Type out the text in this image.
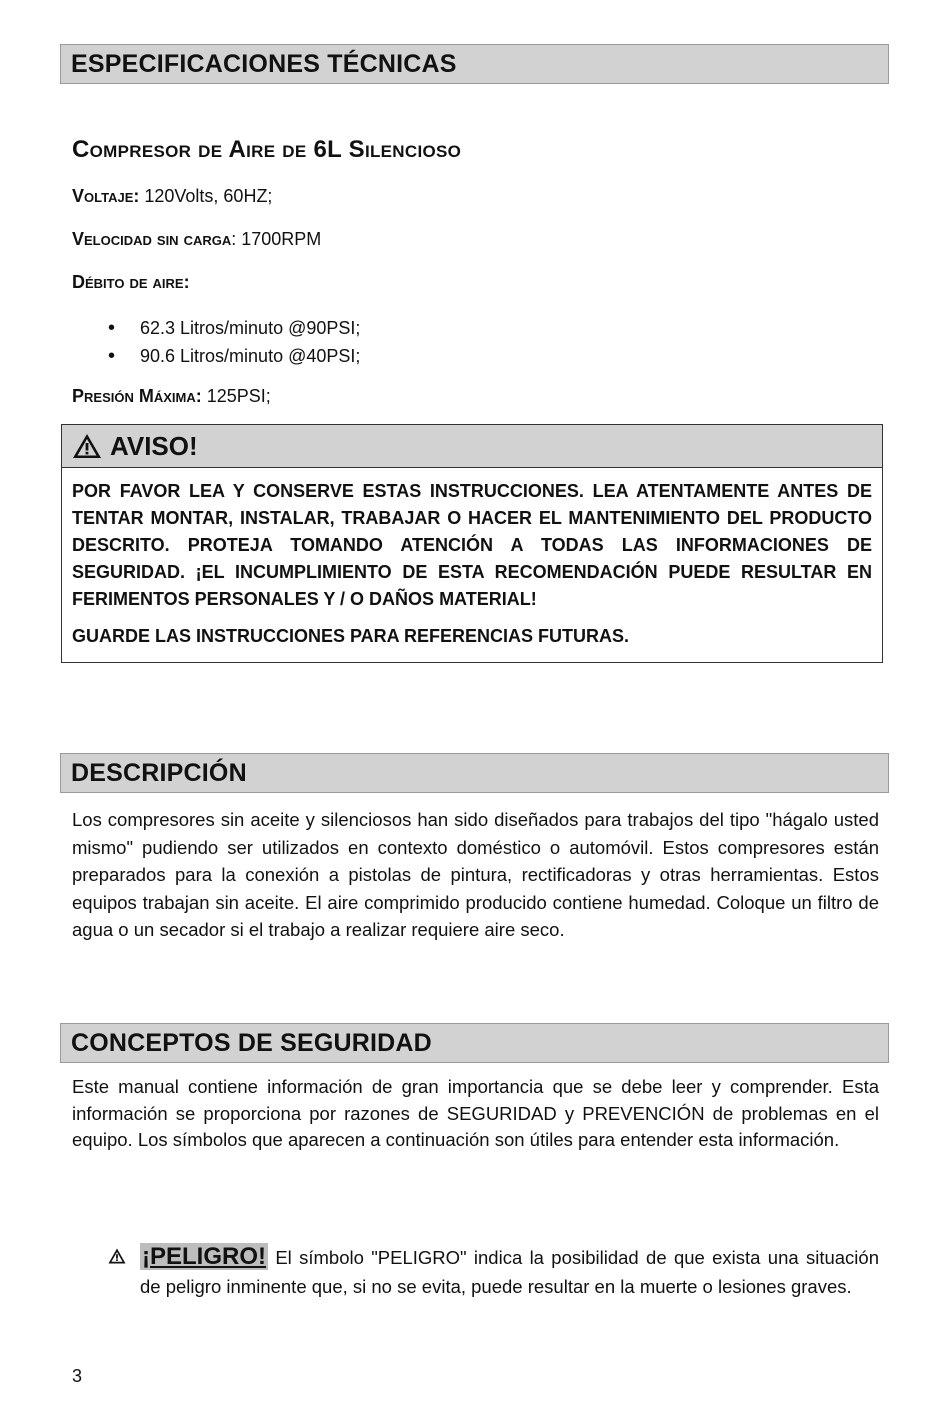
ESPECIFICACIONES TÉCNICAS
Compresor de Aire de 6L Silencioso
Voltaje: 120Volts, 60HZ;
Velocidad sin carga: 1700RPM
Débito de aire:
• 62.3 Litros/minuto @90PSI;
• 90.6 Litros/minuto @40PSI;
Presión Máxima: 125PSI;
AVISO!

POR FAVOR LEA Y CONSERVE ESTAS INSTRUCCIONES. LEA ATENTAMENTE ANTES DE TENTAR MONTAR, INSTALAR, TRABAJAR O HACER EL MANTENIMIENTO DEL PRODUCTO DESCRITO. PROTEJA TOMANDO ATENCIÓN A TODAS LAS INFORMACIONES DE SEGURIDAD. ¡EL INCUMPLIMIENTO DE ESTA RECOMENDACIÓN PUEDE RESULTAR EN FERIMENTOS PERSONALES Y / O DAÑOS MATERIAL!

GUARDE LAS INSTRUCCIONES PARA REFERENCIAS FUTURAS.

DESCRIPCIÓN
Los compresores sin aceite y silenciosos han sido diseñados para trabajos del tipo "hágalo usted mismo" pudiendo ser utilizados en contexto doméstico o automóvil. Estos compresores están preparados para la conexión a pistolas de pintura, rectificadoras y otras herramientas. Estos equipos trabajan sin aceite. El aire comprimido producido contiene humedad. Coloque un filtro de agua o un secador si el trabajo a realizar requiere aire seco.
CONCEPTOS DE SEGURIDAD
Este manual contiene información de gran importancia que se debe leer y comprender. Esta información se proporciona por razones de SEGURIDAD y PREVENCIÓN de problemas en el equipo. Los símbolos que aparecen a continuación son útiles para entender esta información.
¡PELIGRO! El símbolo "PELIGRO" indica la posibilidad de que exista una situación de peligro inminente que, si no se evita, puede resultar en la muerte o lesiones graves.
3
